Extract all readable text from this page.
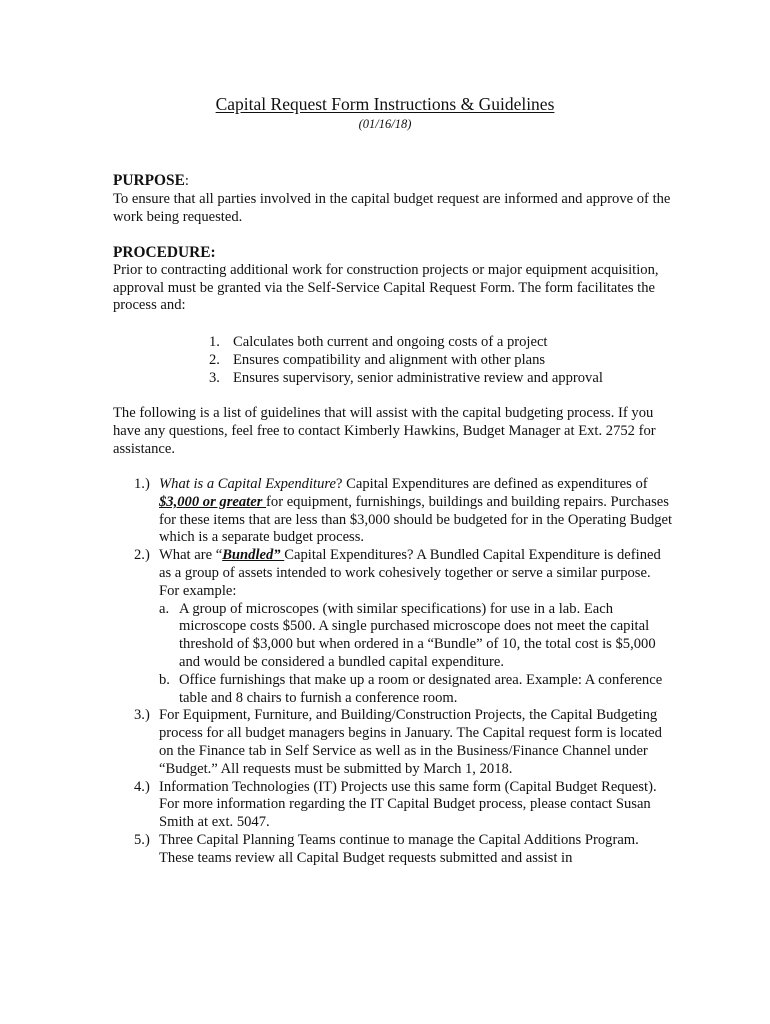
Capital Request Form Instructions & Guidelines
(01/16/18)
PURPOSE:
To ensure that all parties involved in the capital budget request are informed and approve of the work being requested.
PROCEDURE:
Prior to contracting additional work for construction projects or major equipment acquisition, approval must be granted via the Self-Service Capital Request Form. The form facilitates the process and:
1. Calculates both current and ongoing costs of a project
2. Ensures compatibility and alignment with other plans
3. Ensures supervisory, senior administrative review and approval
The following is a list of guidelines that will assist with the capital budgeting process. If you have any questions, feel free to contact Kimberly Hawkins, Budget Manager at Ext. 2752 for assistance.
1.) What is a Capital Expenditure? Capital Expenditures are defined as expenditures of $3,000 or greater for equipment, furnishings, buildings and building repairs. Purchases for these items that are less than $3,000 should be budgeted for in the Operating Budget which is a separate budget process.
2.) What are “Bundled” Capital Expenditures? A Bundled Capital Expenditure is defined as a group of assets intended to work cohesively together or serve a similar purpose. For example:
a. A group of microscopes (with similar specifications) for use in a lab. Each microscope costs $500. A single purchased microscope does not meet the capital threshold of $3,000 but when ordered in a “Bundle” of 10, the total cost is $5,000 and would be considered a bundled capital expenditure.
b. Office furnishings that make up a room or designated area. Example: A conference table and 8 chairs to furnish a conference room.
3.) For Equipment, Furniture, and Building/Construction Projects, the Capital Budgeting process for all budget managers begins in January. The Capital request form is located on the Finance tab in Self Service as well as in the Business/Finance Channel under “Budget.” All requests must be submitted by March 1, 2018.
4.) Information Technologies (IT) Projects use this same form (Capital Budget Request). For more information regarding the IT Capital Budget process, please contact Susan Smith at ext. 5047.
5.) Three Capital Planning Teams continue to manage the Capital Additions Program. These teams review all Capital Budget requests submitted and assist in
